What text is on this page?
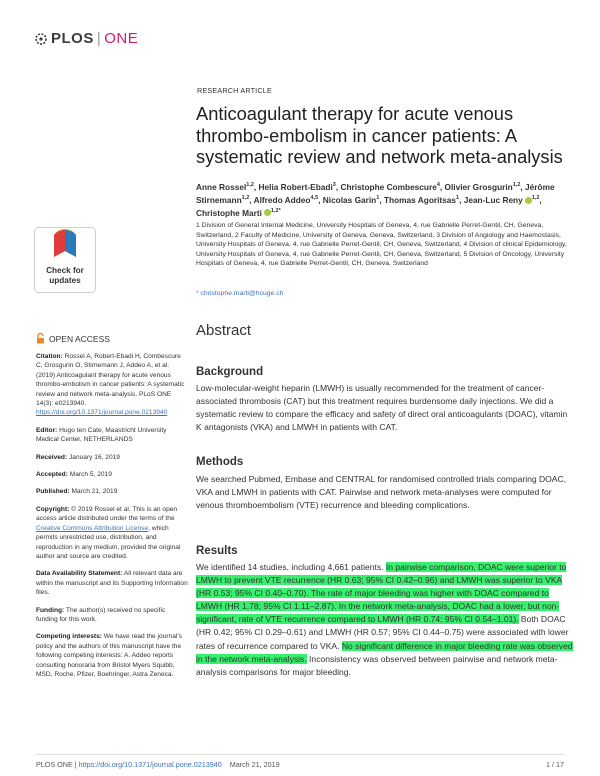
PLOS | ONE
Check for
updates
OPEN ACCESS

Citation: Rossel A, Robert-Ebadi H, Combescure C, Grosgurin O, Stirnemann J, Addeo A, et al. (2019) Anticoagulant therapy for acute venous thrombo-embolism in cancer patients: A systematic review and network meta-analysis. PLoS ONE 14(3): e0213940. https://doi.org/10.1371/journal.pone.0213940

Editor: Hugo ten Cate, Maastricht University Medical Center, NETHERLANDS

Received: January 16, 2019

Accepted: March 5, 2019

Published: March 21, 2019

Copyright: © 2019 Rossel et al. This is an open access article distributed under the terms of the Creative Commons Attribution License, which permits unrestricted use, distribution, and reproduction in any medium, provided the original author and source are credited.

Data Availability Statement: All relevant data are within the manuscript and its Supporting Information files.

Funding: The author(s) received no specific funding for this work.

Competing interests: We have read the journal's policy and the authors of this manuscript have the following competing interests: A. Addeo reports consulting honoraria from Bristol Myers Squibb, MSD, Roche, Pfizer, Boehringer, Astra Zeneca.

RESEARCH ARTICLE
Anticoagulant therapy for acute venous thrombo-embolism in cancer patients: A systematic review and network meta-analysis
Anne Rossel$^{1,2}$, Helia Robert-Ebadi$^3$, Christophe Combescure$^4$, Olivier Grosgurin$^{1,2}$, Jérôme Stirnemann$^{1,2}$, Alfredo Addeo$^{4,5}$, Nicolas Garin$^1$, Thomas Agoritsas$^1$, Jean-Luc Reny $^{1,2}$, Christophe Marti $^{1,2*}$
1 Division of General Internal Medicine, University Hospitals of Geneva, 4, rue Gabrielle Perret-Gentil, CH, Geneva, Switzerland, 2 Faculty of Medicine, University of Geneva, Geneva, Switzerland, 3 Division of Angiology and Haemostasis, University Hospitals of Geneva, 4, rue Gabrielle Perret-Gentil, CH, Geneva, Switzerland, 4 Division of clinical Epidemiology, University Hospitals of Geneva, 4, rue Gabrielle Perret-Gentil, CH, Geneva, Switzerland, 5 Division of Oncology, University Hospitals of Geneva, 4, rue Gabrielle Perret-Gentil, CH, Geneva, Switzerland
* christophe.marti@hcuge.ch
Abstract
Background
Low-molecular-weight heparin (LMWH) is usually recommended for the treatment of cancer-associated thrombosis (CAT) but this treatment requires burdensome daily injections. We did a systematic review to compare the efficacy and safety of direct oral anticoagulants (DOAC), vitamin K antagonists (VKA) and LMWH in patients with CAT.
Methods
We searched Pubmed, Embase and CENTRAL for randomised controlled trials comparing DOAC, VKA and LMWH in patients with CAT. Pairwise and network meta-analyses were computed for venous thromboembolism (VTE) recurrence and bleeding complications.
Results
We identified 14 studies, including 4,661 patients. In pairwise comparison, DOAC were superior to LMWH to prevent VTE recurrence (HR 0.63; 95% CI 0.42–0.96) and LMWH was superior to VKA (HR 0.53; 95% CI 0.40–0.70). The rate of major bleeding was higher with DOAC compared to LMWH (HR 1.78; 95% CI 1.11–2.87). In the network meta-analysis, DOAC had a lower, but non-significant, rate of VTE recurrence compared to LMWH (HR 0.74; 95% CI 0.54–1.01). Both DOAC (HR 0.42; 95% CI 0.29–0.61) and LMWH (HR 0.57; 95% CI 0.44–0.75) were associated with lower rates of recurrence compared to VKA. No significant difference in major bleeding rate was observed in the network meta-analysis. Inconsistency was observed between pairwise and network meta-analysis comparisons for major bleeding.
PLOS ONE | https://doi.org/10.1371/journal.pone.0213940 March 21, 2019	1 / 17
